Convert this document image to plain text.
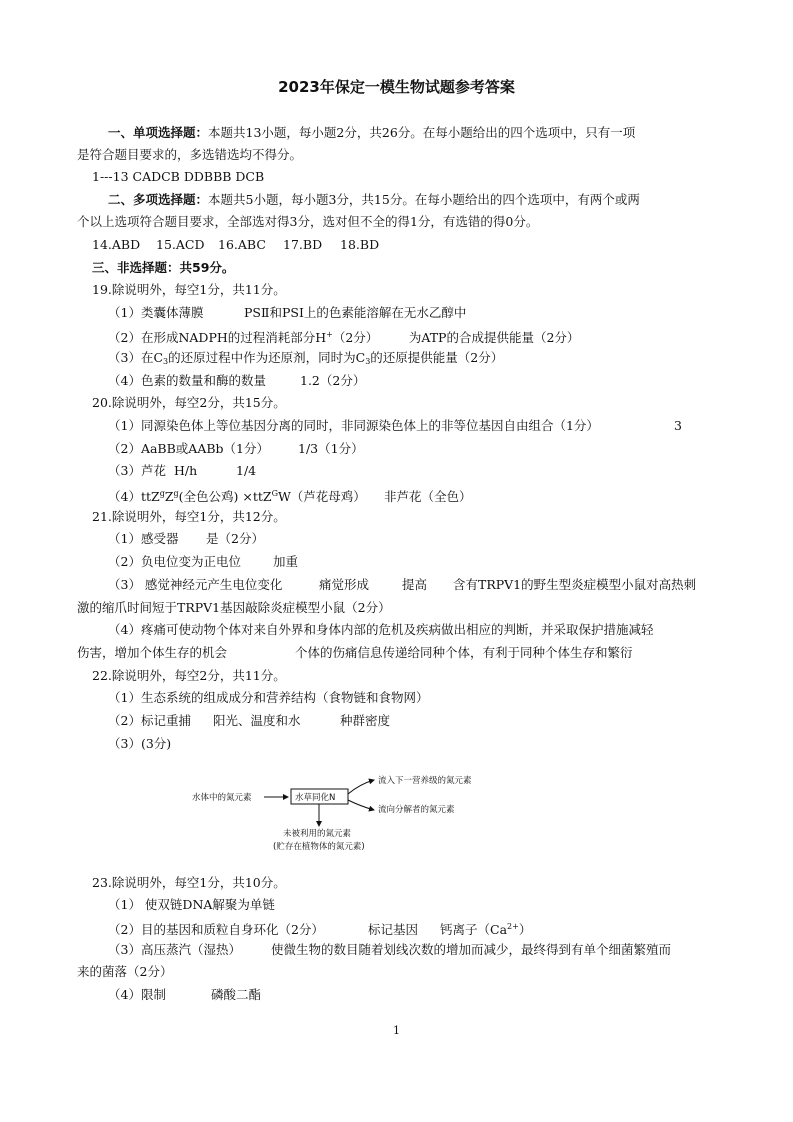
2023年保定一模生物试题参考答案
一、单项选择题：本题共13小题，每小题2分，共26分。在每小题给出的四个选项中，只有一项
是符合题目要求的，多选错选均不得分。
1---13 CADCB DDBBB DCB
二、多项选择题：本题共5小题，每小题3分，共15分。在每小题给出的四个选项中，有两个或两
个以上选项符合题目要求，全部选对得3分，选对但不全的得1分，有选错的得0分。
14.ABD 15.ACD 16.ABC 17.BD 18.BD
三、非选择题：共59分。
19.除说明外，每空1分，共11分。
（1）类囊体薄膜	PSⅡ和PSⅠ上的色素能溶解在无水乙醇中
（2）在形成NADPH的过程消耗部分H+（2分） 为ATP的合成提供能量（2分）
（3）在$C_3$的还原过程中作为还原剂，同时为$C_3$的还原提供能量（2分）
（4）色素的数量和酶的数量	1.2（2分）
20.除说明外，每空2分，共15分。
（1）同源染色体上等位基因分离的同时，非同源染色体上的非等位基因自由组合（1分）	3
（2）AaBB或AABb（1分） 1/3（1分）
（3）芦花 H/h	1/4
$(4)ttZ^gZ^g$(全色公鸡) ×ttZ$^G$W（芦花母鸡） 非芦花（全色）
21.除说明外，每空1分，共12分。
（1）感受器 是（2分）
（2）负电位变为正电位	加重
（3） 感觉神经元产生电位变化	痛觉形成	提高 含有TRPV1的野生型炎症模型小鼠对高热刺
激的缩爪时间短于TRPV1基因敲除炎症模型小鼠（2分）
（4）疼痛可使动物个体对来自外界和身体内部的危机及疾病做出相应的判断，并采取保护措施减轻
伤害，增加个体生存的机会	个体的伤痛信息传递给同种个体，有利于同种个体生存和繁衍
22.除说明外，每空2分，共11分。
（1）生态系统的组成成分和营养结构（食物链和食物网）
（2）标记重捕 阳光、温度和水	种群密度
（3）(3分)
水体中的氮元素	水草同化N
流入下一营养级的氮元素
流向分解者的氮元素
未被利用的氮元素
(贮存在植物体的氮元素)
23.除说明外，每空1分，共10分。
（1） 使双链DNA解聚为单链
（2）目的基因和质粒自身环化（2分）	标记基因 钙离子$(Ca^{2+})$
（3）高压蒸汽（湿热） 使微生物的数目随着划线次数的增加而减少，最终得到有单个细菌繁殖而
来的菌落（2分）
（4）限制	磷酸二酯
1
